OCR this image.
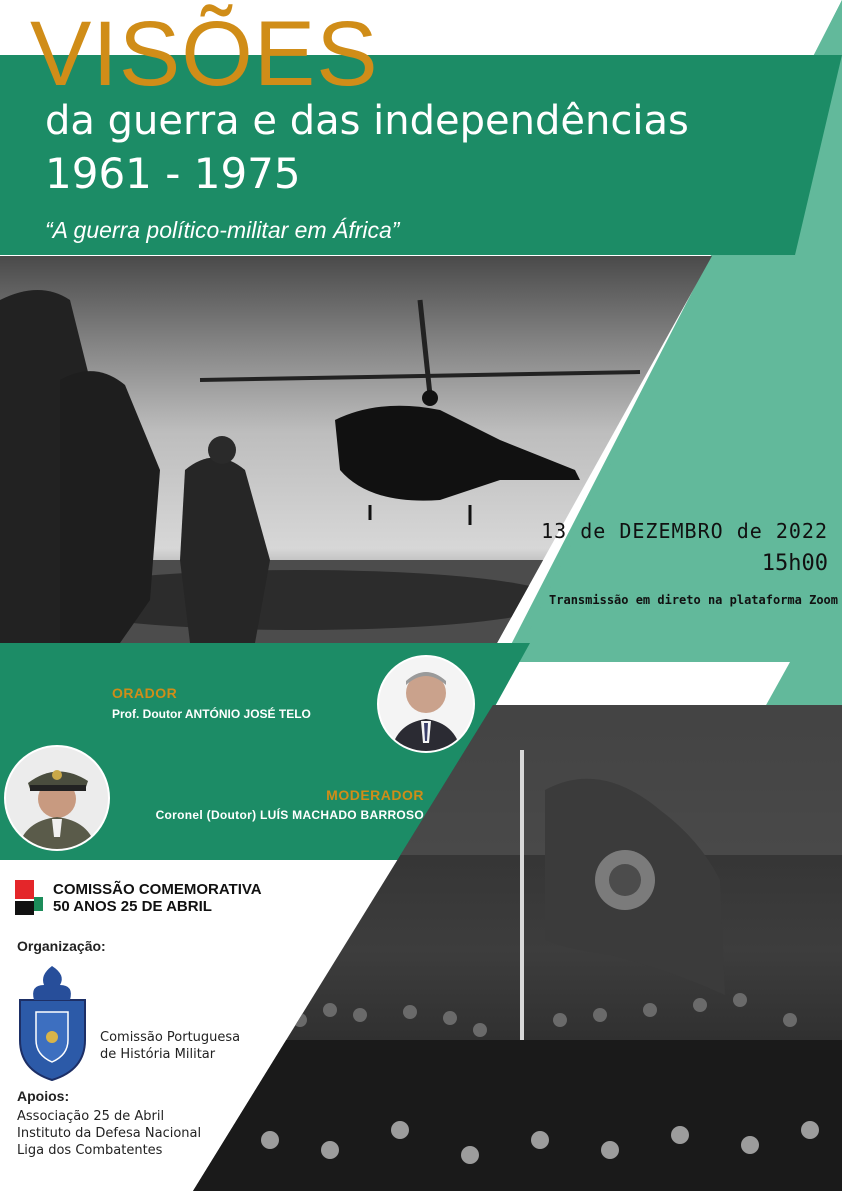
VISÕES
da guerra e das independências
1961 - 1975
“A guerra político-militar em África”
13 de DEZEMBRO de 2022
15h00
Transmissão em direto na plataforma Zoom
ORADOR
Prof. Doutor ANTÓNIO JOSÉ TELO
MODERADOR
Coronel (Doutor) LUÍS MACHADO BARROSO
COMISSÃO COMEMORATIVA
50 ANOS 25 DE ABRIL
Organização:
Comissão Portuguesa
de História Militar
Apoios:
Associação 25 de Abril
Instituto da Defesa Nacional
Liga dos Combatentes
